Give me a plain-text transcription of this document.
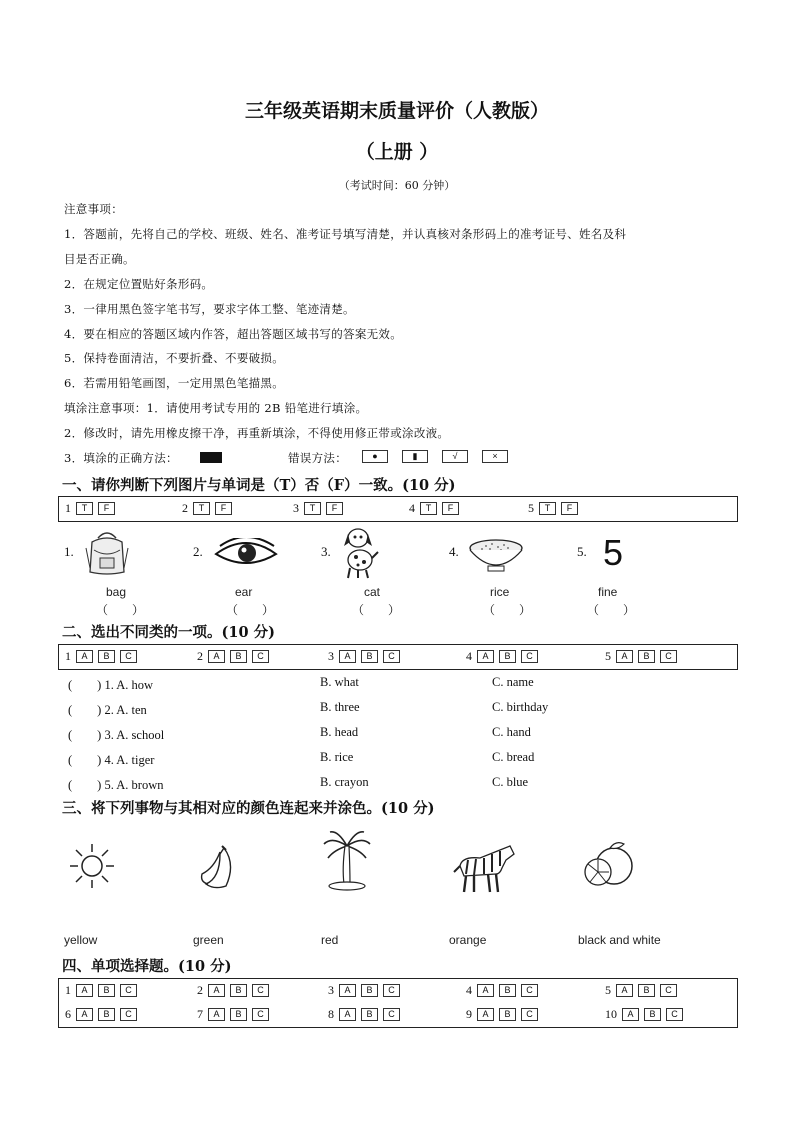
三年级英语期末质量评价（人教版）
（上册 ）
（考试时间：60 分钟）
注意事项：
1．答题前，先将自己的学校、班级、姓名、准考证号填写清楚，并认真核对条形码上的准考证号、姓名及科
目是否正确。
2．在规定位置贴好条形码。
3．一律用黑色签字笔书写，要求字体工整、笔迹清楚。
4．要在相应的答题区域内作答，超出答题区域书写的答案无效。
5．保持卷面清洁，不要折叠、不要破损。
6．若需用铅笔画图，一定用黑色笔描黑。
填涂注意事项：1．请使用考试专用的 2B 铅笔进行填涂。
2．修改时，请先用橡皮擦干净，再重新填涂，不得使用修正带或涂改液。
3．填涂的正确方法：	错误方法：	●	▮	√	×
一、请你判断下列图片与单词是（T）否（F）一致。(10 分)
1	T	F	2	T	F	3	T	F	4	T	F	5	T	F
1.
bag
（　　）
2.
ear
（　　）
3.
cat
（　　）
4.
rice
（　　）
5. 5
fine
（　　）
二、选出不同类的一项。(10 分)
1	A	B	C	2	A	B	C	3	A	B	C	4	A	B	C	5	A	B	C
(　　) 1. A. how	B. what	C. name
(　　) 2. A. ten	B. three	C. birthday
(　　) 3. A. school	B. head	C. hand
(　　) 4. A. tiger	B. rice	C. bread
(　　) 5. A. brown	B. crayon	C. blue
三、将下列事物与其相对应的颜色连起来并涂色。(10 分)
yellow	green	red	orange	black and white
四、单项选择题。(10 分)
1	A	B	C	2	A	B	C	3	A	B	C	4	A	B	C	5	A	B	C
6	A	B	C	7	A	B	C	8	A	B	C	9	A	B	C	10	A	B	C
